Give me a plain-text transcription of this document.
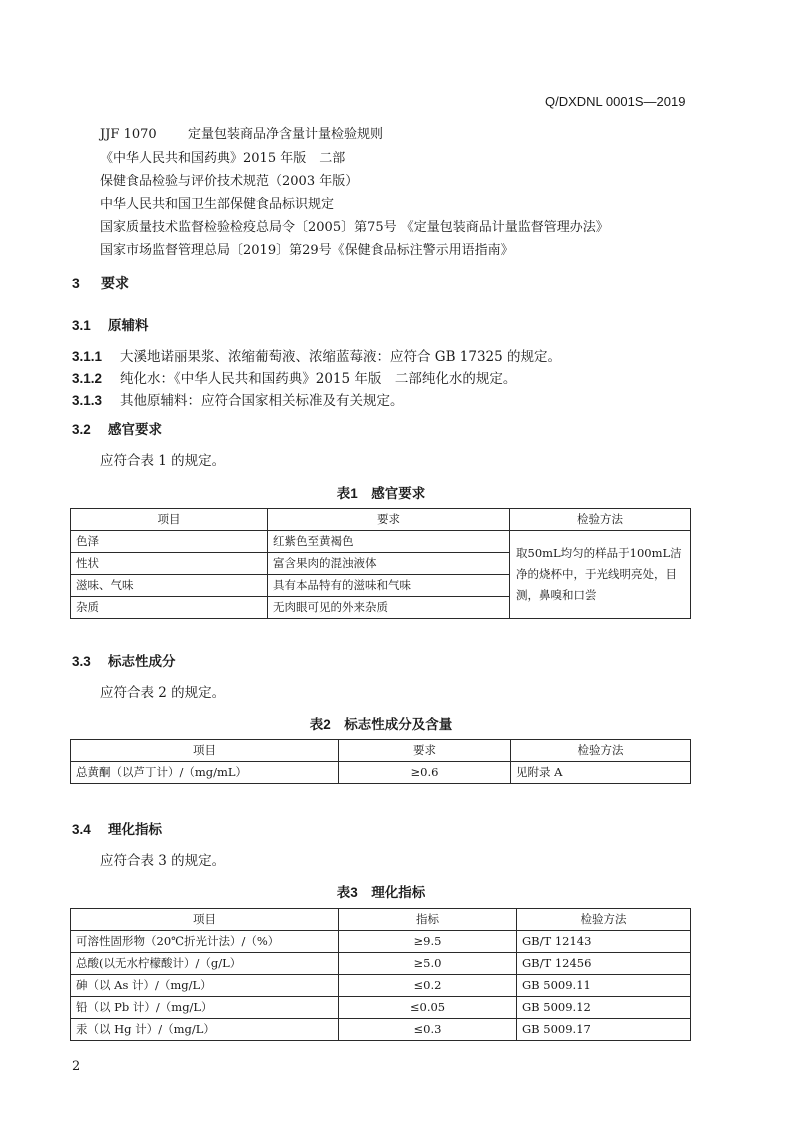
Q/DXDNL 0001S—2019
JJF 1070 定量包装商品净含量计量检验规则
《中华人民共和国药典》2015 年版　二部
保健食品检验与评价技术规范（2003 年版）
中华人民共和国卫生部保健食品标识规定
国家质量技术监督检验检疫总局令〔2005〕第75号 《定量包装商品计量监督管理办法》
国家市场监督管理总局〔2019〕第29号《保健食品标注警示用语指南》
3 要求
3.1 原辅料
3.1.1 大溪地诺丽果浆、浓缩葡萄液、浓缩蓝莓液：应符合 GB 17325 的规定。
3.1.2 纯化水：《中华人民共和国药典》2015 年版　二部纯化水的规定。
3.1.3 其他原辅料：应符合国家相关标准及有关规定。
3.2 感官要求
应符合表 1 的规定。
表1　感官要求
项目	要求	检验方法
色泽	红紫色至黄褐色	取50mL均匀的样品于100mL洁净的烧杯中，于光线明亮处，目测，鼻嗅和口尝
性状	富含果肉的混浊液体	
滋味、气味	具有本品特有的滋味和气味	
杂质	无肉眼可见的外来杂质	
3.3 标志性成分
应符合表 2 的规定。
表2　标志性成分及含量
项目	要求	检验方法
总黄酮（以芦丁计）/（mg/mL）	≥0.6	见附录 A
3.4 理化指标
应符合表 3 的规定。
表3　理化指标
项目	指标	检验方法
可溶性固形物（20℃折光计法）/（%）	≥9.5	GB/T 12143
总酸(以无水柠檬酸计）/（g/L）	≥5.0	GB/T 12456
砷（以 As 计）/（mg/L）	≤0.2	GB 5009.11
铅（以 Pb 计）/（mg/L）	≤0.05	GB 5009.12
汞（以 Hg 计）/（mg/L）	≤0.3	GB 5009.17
2
